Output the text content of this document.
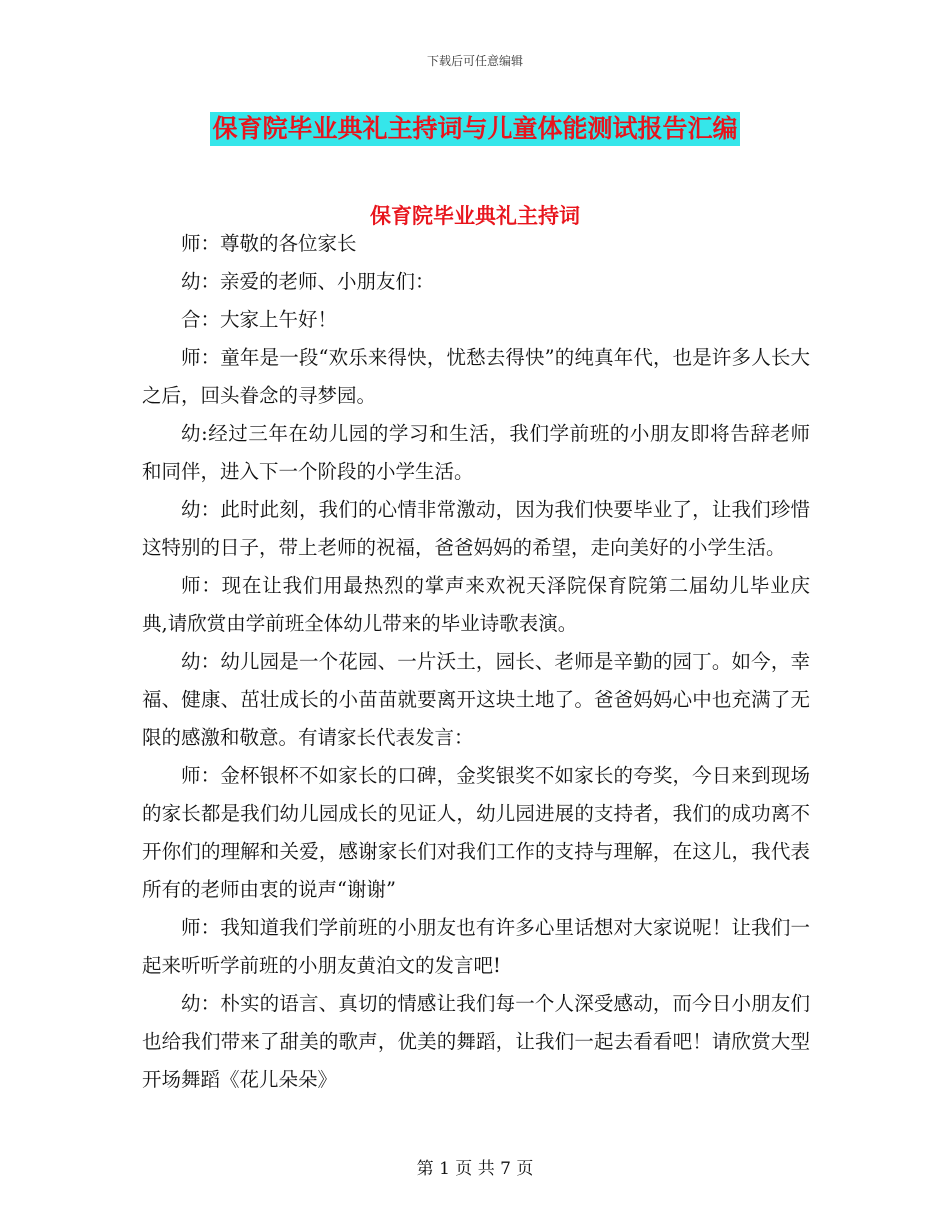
下载后可任意编辑
保育院毕业典礼主持词与儿童体能测试报告汇编
保育院毕业典礼主持词

师：尊敬的各位家长

幼：亲爱的老师、小朋友们：

合：大家上午好！

师：童年是一段“欢乐来得快，忧愁去得快”的纯真年代，也是许多人长大之后，回头眷念的寻梦园。

幼:经过三年在幼儿园的学习和生活，我们学前班的小朋友即将告辞老师和同伴，进入下一个阶段的小学生活。

幼：此时此刻，我们的心情非常激动，因为我们快要毕业了，让我们珍惜这特别的日子，带上老师的祝福，爸爸妈妈的希望，走向美好的小学生活。

师：现在让我们用最热烈的掌声来欢祝天泽院保育院第二届幼儿毕业庆典,请欣赏由学前班全体幼儿带来的毕业诗歌表演。

幼：幼儿园是一个花园、一片沃土，园长、老师是辛勤的园丁。如今，幸福、健康、茁壮成长的小苗苗就要离开这块土地了。爸爸妈妈心中也充满了无限的感激和敬意。有请家长代表发言：

师：金杯银杯不如家长的口碑，金奖银奖不如家长的夸奖，今日来到现场的家长都是我们幼儿园成长的见证人，幼儿园进展的支持者，我们的成功离不开你们的理解和关爱，感谢家长们对我们工作的支持与理解，在这儿，我代表所有的老师由衷的说声“谢谢”

师：我知道我们学前班的小朋友也有许多心里话想对大家说呢！让我们一起来听听学前班的小朋友黄泊文的发言吧!

幼：朴实的语言、真切的情感让我们每一个人深受感动，而今日小朋友们也给我们带来了甜美的歌声，优美的舞蹈，让我们一起去看看吧！请欣赏大型开场舞蹈《花儿朵朵》

第 1 页 共 7 页
